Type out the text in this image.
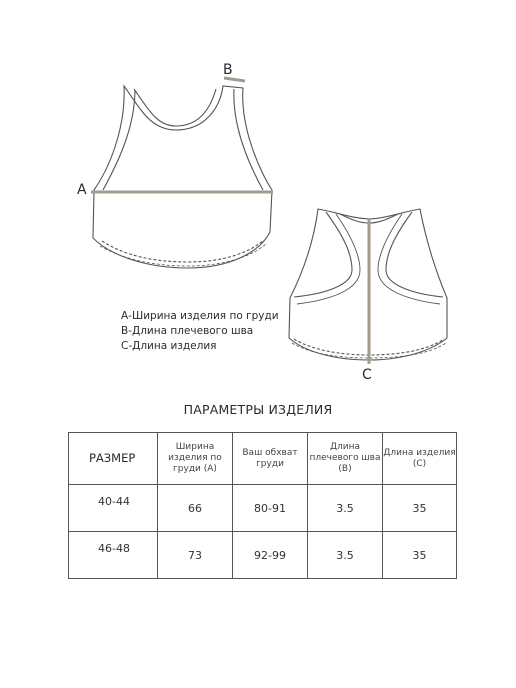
A
B
C
А-Ширина изделия по груди
В-Длина плечевого шва
С-Длина изделия
ПАРАМЕТРЫ ИЗДЕЛИЯ
РАЗМЕР	Ширина изделия по груди (А)	Ваш обхват груди	Длина плечевого шва (В)	Длина изделия (С)
40-44	66	80-91	3.5	35
46-48	73	92-99	3.5	35
